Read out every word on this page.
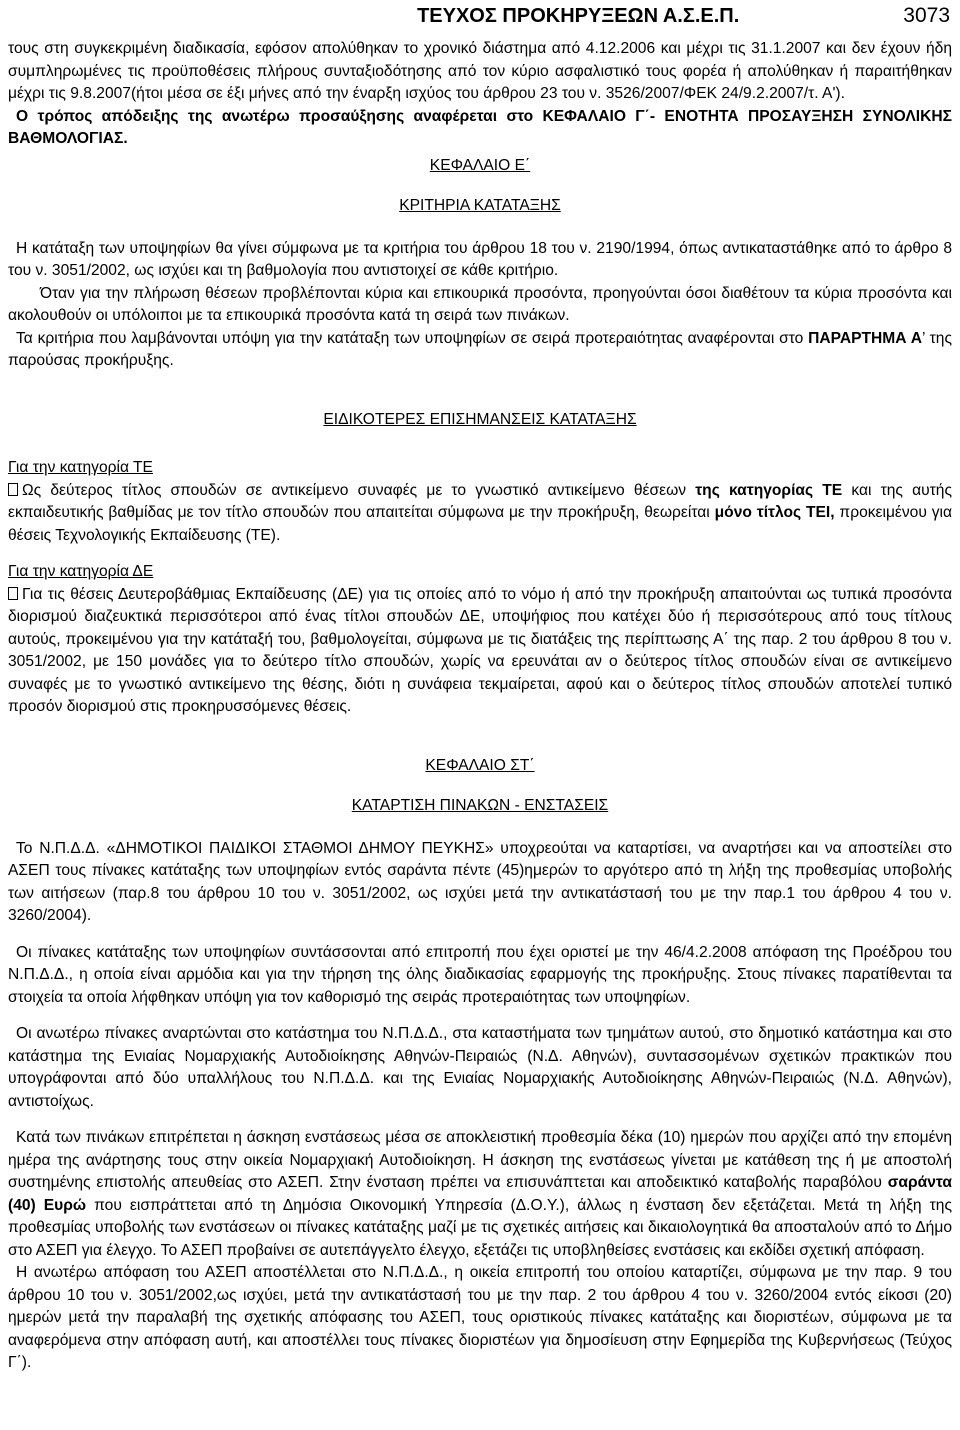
ΤΕΥΧΟΣ ΠΡΟΚΗΡΥΞΕΩΝ Α.Σ.Ε.Π.	3073

τους στη συγκεκριμένη διαδικασία, εφόσον απολύθηκαν το χρονικό διάστημα από 4.12.2006 και μέχρι τις 31.1.2007 και δεν έχουν ήδη συμπληρωμένες τις προϋποθέσεις πλήρους συνταξιοδότησης από τον κύριο ασφαλιστικό τους φορέα ή απολύθηκαν ή παραιτήθηκαν μέχρι τις 9.8.2007(ήτοι μέσα σε έξι μήνες από την έναρξη ισχύος του άρθρου 23 του ν. 3526/2007/ΦΕΚ 24/9.2.2007/τ. Α').

Ο τρόπος απόδειξης της ανωτέρω προσαύξησης αναφέρεται στο ΚΕΦΑΛΑΙΟ Γ΄- ΕΝΟΤΗΤΑ ΠΡΟΣΑΥΞΗΣΗ ΣΥΝΟΛΙΚΗΣ ΒΑΘΜΟΛΟΓΙΑΣ.

ΚΕΦΑΛΑΙΟ Ε΄

ΚΡΙΤΗΡΙΑ ΚΑΤΑΤΑΞΗΣ

Η κατάταξη των υποψηφίων θα γίνει σύμφωνα με τα κριτήρια του άρθρου 18 του ν. 2190/1994, όπως αντικαταστάθηκε από το άρθρο 8 του ν. 3051/2002, ως ισχύει και τη βαθμολογία που αντιστοιχεί σε κάθε κριτήριο.

Όταν για την πλήρωση θέσεων προβλέπονται κύρια και επικουρικά προσόντα, προηγούνται όσοι διαθέτουν τα κύρια προσόντα και ακολουθούν οι υπόλοιποι με τα επικουρικά προσόντα κατά τη σειρά των πινάκων.

Τα κριτήρια που λαμβάνονται υπόψη για την κατάταξη των υποψηφίων σε σειρά προτεραιότητας αναφέρονται στο ΠΑΡΑΡΤΗΜΑ Α’ της παρούσας προκήρυξης.

ΕΙΔΙΚΟΤΕΡΕΣ ΕΠΙΣΗΜΑΝΣΕΙΣ ΚΑΤΑΤΑΞΗΣ

Για την κατηγορία ΤΕ

Ως δεύτερος τίτλος σπουδών σε αντικείμενο συναφές με το γνωστικό αντικείμενο θέσεων της κατηγορίας ΤΕ και της αυτής εκπαιδευτικής βαθμίδας με τον τίτλο σπουδών που απαιτείται σύμφωνα με την προκήρυξη, θεωρείται μόνο τίτλος ΤΕΙ, προκειμένου για θέσεις Τεχνολογικής Εκπαίδευσης (ΤΕ).

Για την κατηγορία ΔΕ

Για τις θέσεις Δευτεροβάθμιας Εκπαίδευσης (ΔΕ) για τις οποίες από το νόμο ή από την προκήρυξη απαιτούνται ως τυπικά προσόντα διορισμού διαζευκτικά περισσότεροι από ένας τίτλοι σπουδών ΔΕ, υποψήφιος που κατέχει δύο ή περισσότερους από τους τίτλους αυτούς, προκειμένου για την κατάταξή του, βαθμολογείται, σύμφωνα με τις διατάξεις της περίπτωσης Α΄ της παρ. 2 του άρθρου 8 του ν. 3051/2002, με 150 μονάδες για το δεύτερο τίτλο σπουδών, χωρίς να ερευνάται αν ο δεύτερος τίτλος σπουδών είναι σε αντικείμενο συναφές με το γνωστικό αντικείμενο της θέσης, διότι η συνάφεια τεκμαίρεται, αφού και ο δεύτερος τίτλος σπουδών αποτελεί τυπικό προσόν διορισμού στις προκηρυσσόμενες θέσεις.

ΚΕΦΑΛΑΙΟ ΣΤ΄

ΚΑΤΑΡΤΙΣΗ ΠΙΝΑΚΩΝ - ΕΝΣΤΑΣΕΙΣ

Το Ν.Π.Δ.Δ. «ΔΗΜΟΤΙΚΟΙ ΠΑΙΔΙΚΟΙ ΣΤΑΘΜΟΙ ΔΗΜΟΥ ΠΕΥΚΗΣ» υποχρεούται να καταρτίσει, να αναρτήσει και να αποστείλει στο ΑΣΕΠ τους πίνακες κατάταξης των υποψηφίων εντός σαράντα πέντε (45)ημερών το αργότερο από τη λήξη της προθεσμίας υποβολής των αιτήσεων (παρ.8 του άρθρου 10 του ν. 3051/2002, ως ισχύει μετά την αντικατάστασή του με την παρ.1 του άρθρου 4 του ν. 3260/2004).

Οι πίνακες κατάταξης των υποψηφίων συντάσσονται από επιτροπή που έχει οριστεί με την 46/4.2.2008 απόφαση της Προέδρου του Ν.Π.Δ.Δ., η οποία είναι αρμόδια και για την τήρηση της όλης διαδικασίας εφαρμογής της προκήρυξης. Στους πίνακες παρατίθενται τα στοιχεία τα οποία λήφθηκαν υπόψη για τον καθορισμό της σειράς προτεραιότητας των υποψηφίων.

Οι ανωτέρω πίνακες αναρτώνται στο κατάστημα του Ν.Π.Δ.Δ., στα καταστήματα των τμημάτων αυτού, στο δημοτικό κατάστημα και στο κατάστημα της Ενιαίας Νομαρχιακής Αυτοδιοίκησης Αθηνών-Πειραιώς (Ν.Δ. Αθηνών), συντασσομένων σχετικών πρακτικών που υπογράφονται από δύο υπαλλήλους του Ν.Π.Δ.Δ. και της Ενιαίας Νομαρχιακής Αυτοδιοίκησης Αθηνών-Πειραιώς (Ν.Δ. Αθηνών), αντιστοίχως.

Κατά των πινάκων επιτρέπεται η άσκηση ενστάσεως μέσα σε αποκλειστική προθεσμία δέκα (10) ημερών που αρχίζει από την επομένη ημέρα της ανάρτησης τους στην οικεία Νομαρχιακή Αυτοδιοίκηση. Η άσκηση της ενστάσεως γίνεται με κατάθεση της ή με αποστολή συστημένης επιστολής απευθείας στο ΑΣΕΠ. Στην ένσταση πρέπει να επισυνάπτεται και αποδεικτικό καταβολής παραβόλου σαράντα (40) Ευρώ που εισπράττεται από τη Δημόσια Οικονομική Υπηρεσία (Δ.Ο.Υ.), άλλως η ένσταση δεν εξετάζεται. Μετά τη λήξη της προθεσμίας υποβολής των ενστάσεων οι πίνακες κατάταξης μαζί με τις σχετικές αιτήσεις και δικαιολογητικά θα αποσταλούν από το Δήμο στο ΑΣΕΠ για έλεγχο. Το ΑΣΕΠ προβαίνει σε αυτεπάγγελτο έλεγχο, εξετάζει τις υποβληθείσες ενστάσεις και εκδίδει σχετική απόφαση.

Η ανωτέρω απόφαση του ΑΣΕΠ αποστέλλεται στο Ν.Π.Δ.Δ., η οικεία επιτροπή του οποίου καταρτίζει, σύμφωνα με την παρ. 9 του άρθρου 10 του ν. 3051/2002,ως ισχύει, μετά την αντικατάστασή του με την παρ. 2 του άρθρου 4 του ν. 3260/2004 εντός είκοσι (20) ημερών μετά την παραλαβή της σχετικής απόφασης του ΑΣΕΠ, τους οριστικούς πίνακες κατάταξης και διοριστέων, σύμφωνα με τα αναφερόμενα στην απόφαση αυτή, και αποστέλλει τους πίνακες διοριστέων για δημοσίευση στην Εφημερίδα της Κυβερνήσεως (Τεύχος Γ΄).
